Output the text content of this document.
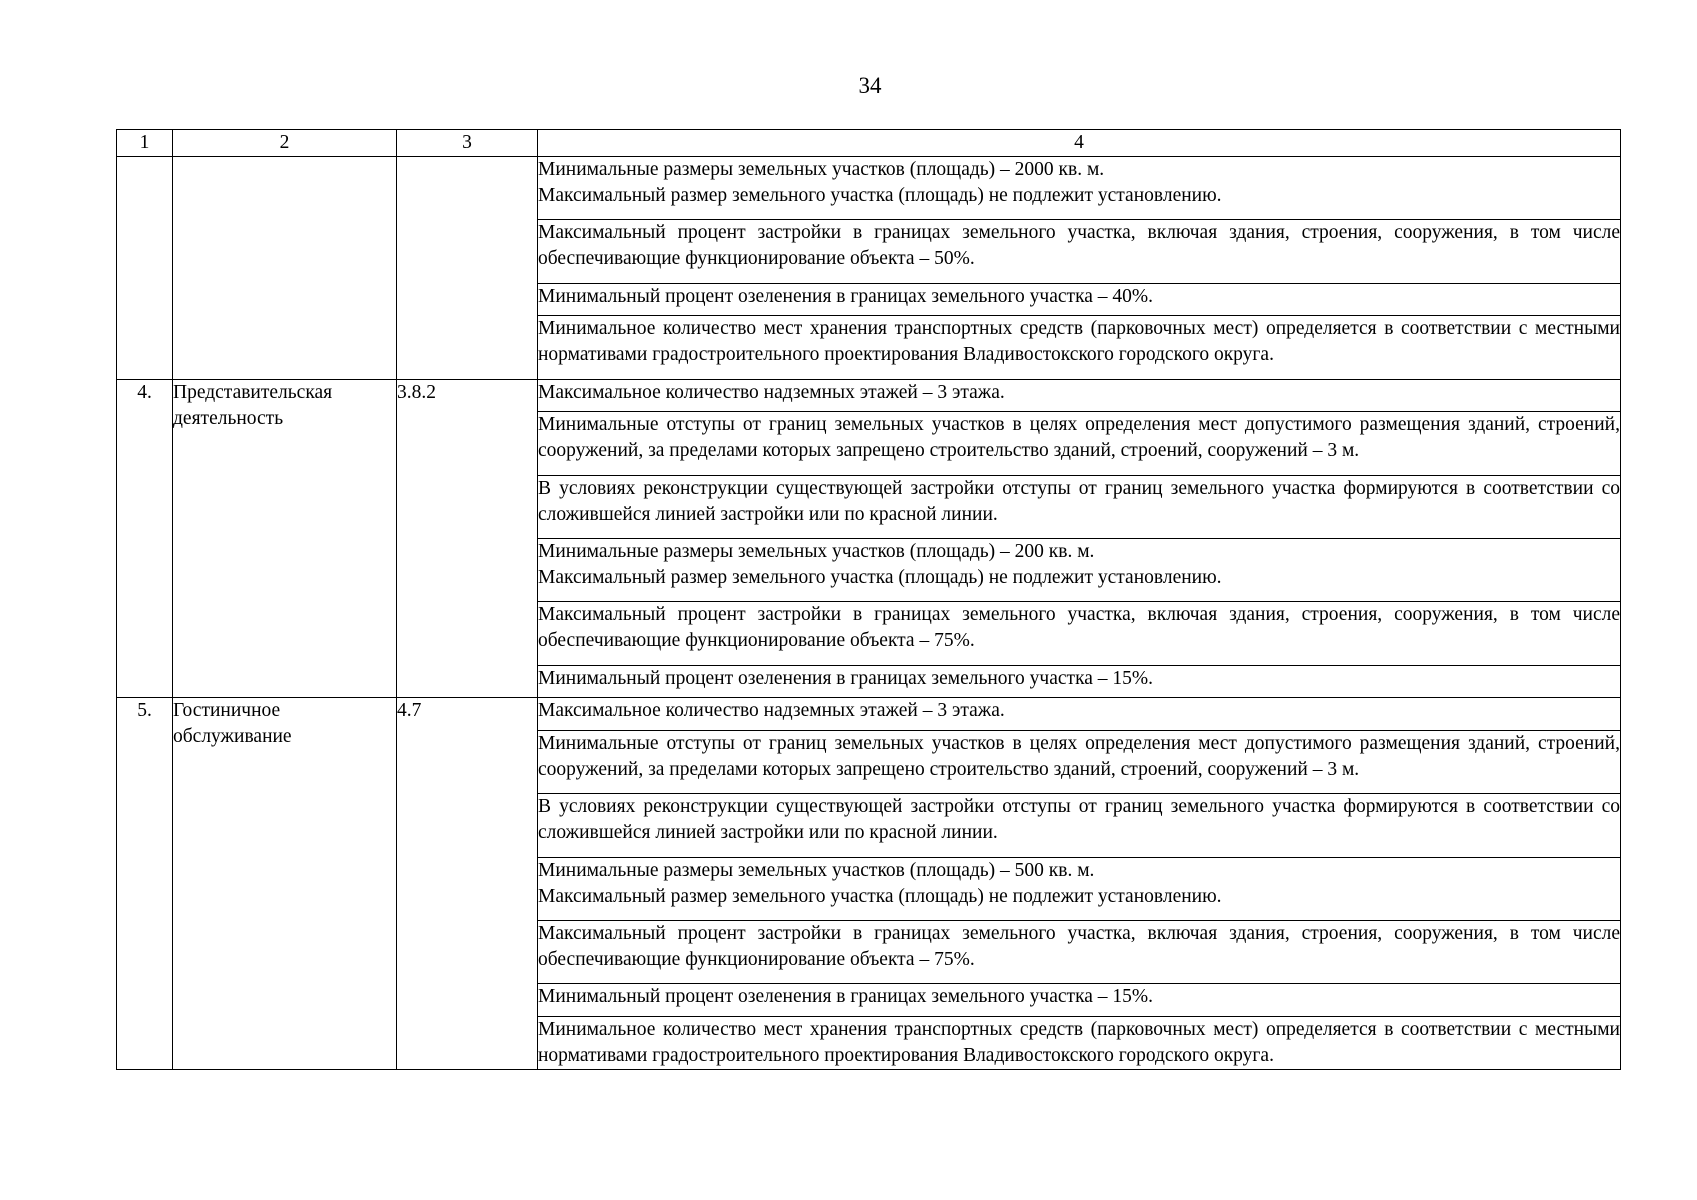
34
1	2	3	4

			Минимальные размеры земельных участков (площадь) – 2000 кв. м.
Максимальный размер земельного участка (площадь) не подлежит установлению.

			Максимальный процент застройки в границах земельного участка, включая здания, строения, сооружения, в том числе обеспечивающие функционирование объекта – 50%.

			Минимальный процент озеленения в границах земельного участка – 40%.

			Минимальное количество мест хранения транспортных средств (парковочных мест) определяется в соответствии с местными нормативами градостроительного проектирования Владивостокского городского округа.

4.	Представительская деятельность	3.8.2	Максимальное количество надземных этажей – 3 этажа.

			Минимальные отступы от границ земельных участков в целях определения мест допустимого размещения зданий, строений, сооружений, за пределами которых запрещено строительство зданий, строений, сооружений – 3 м.

			В условиях реконструкции существующей застройки отступы от границ земельного участка формируются в соответствии со сложившейся линией застройки или по красной линии.

			Минимальные размеры земельных участков (площадь) – 200 кв. м.
Максимальный размер земельного участка (площадь) не подлежит установлению.

			Максимальный процент застройки в границах земельного участка, включая здания, строения, сооружения, в том числе обеспечивающие функционирование объекта – 75%.

			Минимальный процент озеленения в границах земельного участка – 15%.

5.	Гостиничное обслуживание	4.7	Максимальное количество надземных этажей – 3 этажа.

			Минимальные отступы от границ земельных участков в целях определения мест допустимого размещения зданий, строений, сооружений, за пределами которых запрещено строительство зданий, строений, сооружений – 3 м.

			В условиях реконструкции существующей застройки отступы от границ земельного участка формируются в соответствии со сложившейся линией застройки или по красной линии.

			Минимальные размеры земельных участков (площадь) – 500 кв. м.
Максимальный размер земельного участка (площадь) не подлежит установлению.

			Максимальный процент застройки в границах земельного участка, включая здания, строения, сооружения, в том числе обеспечивающие функционирование объекта – 75%.

			Минимальный процент озеленения в границах земельного участка – 15%.

			Минимальное количество мест хранения транспортных средств (парковочных мест) определяется в соответствии с местными нормативами градостроительного проектирования Владивостокского городского округа.
